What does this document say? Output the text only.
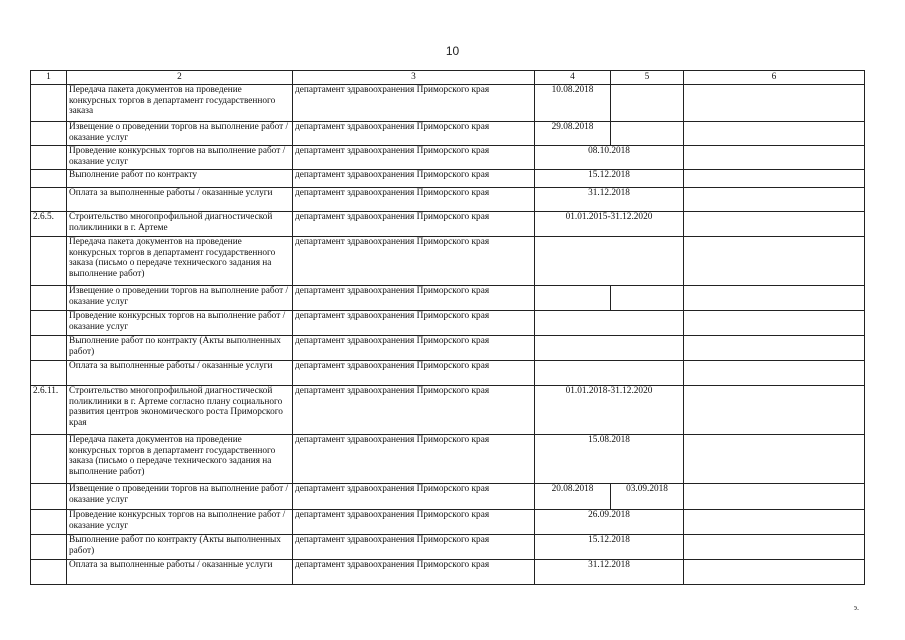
10
1	2	3	4	5	6
	Передача пакета документов на проведение конкурсных торгов в департамент государственного заказа	департамент здравоохранения Приморского края	10.08.2018		
	Извещение о проведении торгов на выполнение работ / оказание услуг	департамент здравоохранения Приморского края	29.08.2018		
	Проведение конкурсных торгов на выполнение работ / оказание услуг	департамент здравоохранения Приморского края	08.10.2018		
	Выполнение работ по контракту	департамент здравоохранения Приморского края	15.12.2018		
	Оплата за выполненные работы / оказанные услуги	департамент здравоохранения Приморского края	31.12.2018		
2.6.5.	Строительство многопрофильной диагностической поликлиники в г. Артеме	департамент здравоохранения Приморского края	01.01.2015-31.12.2020		
	Передача пакета документов на проведение конкурсных торгов в департамент государственного заказа (письмо о передаче технического задания на выполнение работ)	департамент здравоохранения Приморского края			
	Извещение о проведении торгов на выполнение работ / оказание услуг	департамент здравоохранения Приморского края			
	Проведение конкурсных торгов на выполнение работ / оказание услуг	департамент здравоохранения Приморского края			
	Выполнение работ по контракту (Акты выполненных работ)	департамент здравоохранения Приморского края			
	Оплата за выполненные работы / оказанные услуги	департамент здравоохранения Приморского края			
2.6.11.	Строительство многопрофильной диагностической поликлиники в г. Артеме согласно плану социального развития центров экономического роста Приморского края	департамент здравоохранения Приморского края	01.01.2018-31.12.2020		
	Передача пакета документов на проведение конкурсных торгов в департамент государственного заказа (письмо о передаче технического задания на выполнение работ)	департамент здравоохранения Приморского края	15.08.2018		
	Извещение о проведении торгов на выполнение работ / оказание услуг	департамент здравоохранения Приморского края	20.08.2018	03.09.2018	
	Проведение конкурсных торгов на выполнение работ / оказание услуг	департамент здравоохранения Приморского края	26.09.2018		
	Выполнение работ по контракту (Акты выполненных работ)	департамент здравоохранения Приморского края	15.12.2018		
	Оплата за выполненные работы / оказанные услуги	департамент здравоохранения Приморского края	31.12.2018		
э.
